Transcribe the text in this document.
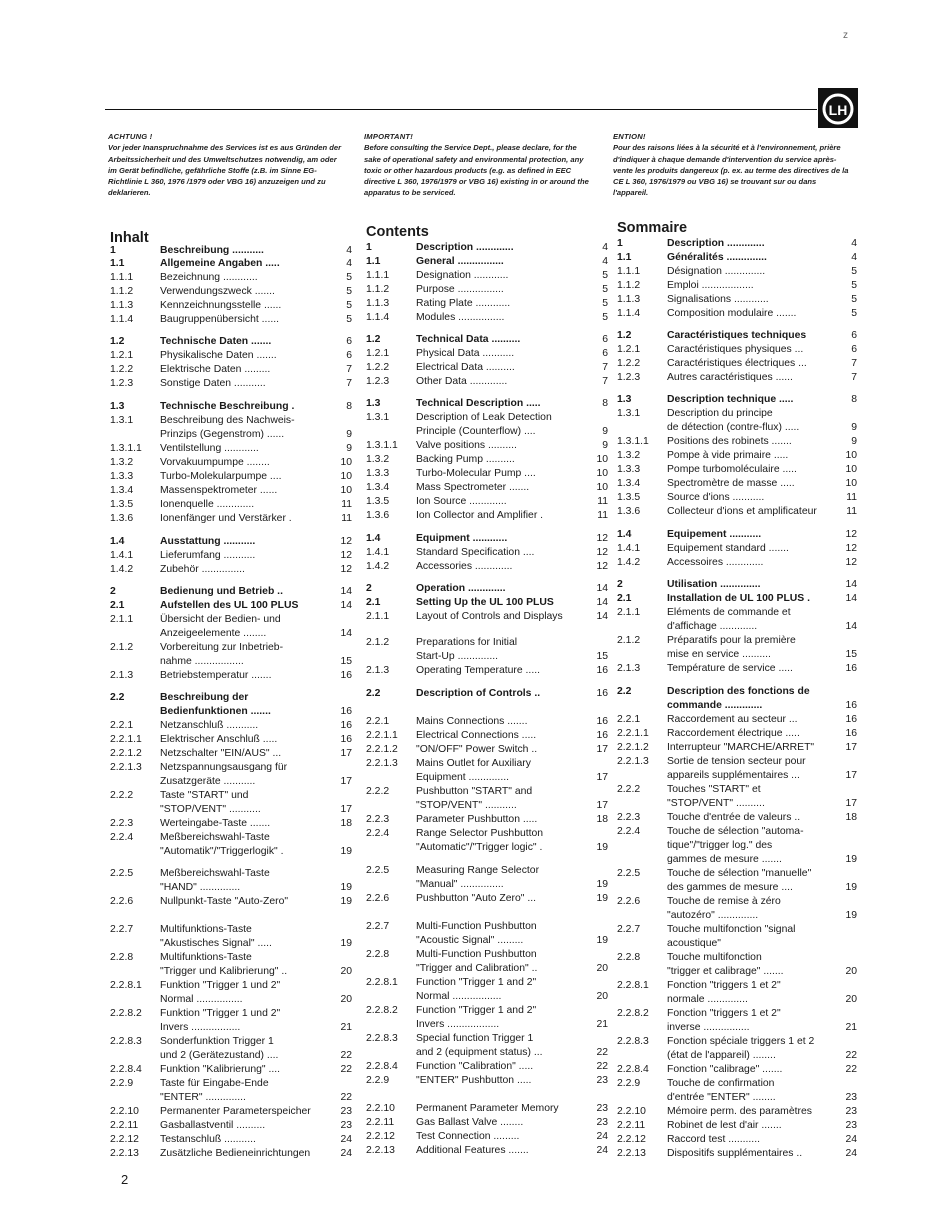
z
LH
ACHTUNG !
Vor jeder Inanspruchnahme des Services ist es aus Gründen der Arbeitssicherheit und des Umweltschutzes notwendig, am oder im Gerät befindliche, gefährliche Stoffe (z.B. im Sinne EG-Richtlinie L 360, 1976 /1979 oder VBG 16) anzuzeigen und zu deklarieren.
IMPORTANT!
Before consulting the Service Dept., please declare, for the sake of operational safety and environmental protection, any toxic or other hazardous products (e.g. as defined in EEC directive L 360, 1976/1979 or VBG 16) existing in or around the apparatus to be serviced.
ENTION!
Pour des raisons liées à la sécurité et à l'environnement, prière d'indiquer à chaque demande d'intervention du service après-vente les produits dangereux (p. ex. au terme des directives de la CE L 360, 1976/1979 ou VBG 16) se trouvant sur ou dans l'appareil.
Inhalt
1	Beschreibung ...........	4
1.1	Allgemeine Angaben .....	4
1.1.1	Bezeichnung ............	5
1.1.2	Verwendungszweck .......	5
1.1.3	Kennzeichnungsstelle ......	5
1.1.4	Baugruppenübersicht ......	5
1.2	Technische Daten .......	6
1.2.1	Physikalische Daten .......	6
1.2.2	Elektrische Daten .........	7
1.2.3	Sonstige Daten ...........	7
1.3	Technische Beschreibung .	8
1.3.1	Beschreibung des Nachweis-
Prinzips (Gegenstrom) ......	9
1.3.1.1 Ventilstellung ............	9
1.3.2	Vorvakuumpumpe ........	10
1.3.3	Turbo-Molekularpumpe ....	10
1.3.4	Massenspektrometer ......	10
1.3.5	Ionenquelle .............	11
1.3.6	Ionenfänger und Verstärker .	11
1.4	Ausstattung ...........	12
1.4.1	Lieferumfang ...........	12
1.4.2	Zubehör ...............	12
2	Bedienung und Betrieb ..	14
2.1	Aufstellen des UL 100 PLUS	14
2.1.1	Übersicht der Bedien- und
Anzeigeelemente ........	14
2.1.2	Vorbereitung zur Inbetrieb-
nahme .................	15
2.1.3	Betriebstemperatur .......	16
2.2	Beschreibung der
Bedienfunktionen .......	16
2.2.1	Netzanschluß ...........	16
2.2.1.1 Elektrischer Anschluß .....	16
2.2.1.2 Netzschalter "EIN/AUS" ...	17
2.2.1.3 Netzspannungsausgang für
Zusatzgeräte ...........	17
2.2.2	Taste "START" und
"STOP/VENT" ...........	17
2.2.3	Werteingabe-Taste .......	18
2.2.4	Meßbereichswahl-Taste
"Automatik"/"Triggerlogik" .	19
2.2.5	Meßbereichswahl-Taste
"HAND" ..............	19
2.2.6	Nullpunkt-Taste "Auto-Zero"	19
2.2.7	Multifunktions-Taste
"Akustisches Signal" .....	19
2.2.8	Multifunktions-Taste
"Trigger und Kalibrierung" ..	20
2.2.8.1 Funktion "Trigger 1 und 2"
Normal ................	20
2.2.8.2 Funktion "Trigger 1 und 2"
Invers .................	21
2.2.8.3 Sonderfunktion Trigger 1
und 2 (Gerätezustand) ....	22
2.2.8.4 Funktion "Kalibrierung" ....	22
2.2.9	Taste für Eingabe-Ende
"ENTER" ..............	22
2.2.10 Permanenter Parameterspeicher	23
2.2.11 Gasballastventil ..........	23
2.2.12 Testanschluß ...........	24
2.2.13 Zusätzliche Bedieneinrichtungen	24
Contents
1	Description .............	4
1.1	General ................	4
1.1.1	Designation ............	5
1.1.2	Purpose ................	5
1.1.3	Rating Plate ............	5
1.1.4	Modules ................	5
1.2	Technical Data ..........	6
1.2.1	Physical Data ...........	6
1.2.2	Electrical Data ..........	7
1.2.3	Other Data .............	7
1.3	Technical Description .....	8
1.3.1	Description of Leak Detection
Principle (Counterflow) ....	9
1.3.1.1 Valve positions ..........	9
1.3.2	Backing Pump ..........	10
1.3.3	Turbo-Molecular Pump ....	10
1.3.4	Mass Spectrometer .......	10
1.3.5	Ion Source .............	11
1.3.6	Ion Collector and Amplifier .	11
1.4	Equipment ............	12
1.4.1	Standard Specification ....	12
1.4.2	Accessories .............	12
2	Operation .............	14
2.1	Setting Up the UL 100 PLUS	14
2.1.1	Layout of Controls and Displays	14
2.1.2	Preparations for Initial
Start-Up ..............	15
2.1.3	Operating Temperature .....	16
2.2	Description of Controls ..	16
2.2.1	Mains Connections .......	16
2.2.1.1 Electrical Connections .....	16
2.2.1.2 "ON/OFF" Power Switch ..	17
2.2.1.3 Mains Outlet for Auxiliary
Equipment ..............	17
2.2.2	Pushbutton "START" and
"STOP/VENT" ...........	17
2.2.3	Parameter Pushbutton .....	18
2.2.4	Range Selector Pushbutton
"Automatic"/"Trigger logic" .	19
2.2.5	Measuring Range Selector
"Manual" ...............	19
2.2.6	Pushbutton "Auto Zero" ...	19
2.2.7	Multi-Function Pushbutton
"Acoustic Signal" .........	19
2.2.8	Multi-Function Pushbutton
"Trigger and Calibration" ..	20
2.2.8.1 Function "Trigger 1 and 2"
Normal .................	20
2.2.8.2 Function "Trigger 1 and 2"
Invers ..................	21
2.2.8.3 Special function Trigger 1
and 2 (equipment status) ...	22
2.2.8.4 Function "Calibration" .....	22
2.2.9	"ENTER" Pushbutton .....	23
2.2.10 Permanent Parameter Memory	23
2.2.11 Gas Ballast Valve ........	23
2.2.12 Test Connection .........	24
2.2.13 Additional Features .......	24
Sommaire
1	Description .............	4
1.1	Généralités ..............	4
1.1.1	Désignation ..............	5
1.1.2	Emploi ..................	5
1.1.3	Signalisations ............	5
1.1.4	Composition modulaire .......	5
1.2	Caractéristiques techniques	6
1.2.1	Caractéristiques physiques ...	6
1.2.2	Caractéristiques électriques ...	7
1.2.3	Autres caractéristiques ......	7
1.3	Description technique .....	8
1.3.1	Description du principe
de détection (contre-flux) .....	9
1.3.1.1 Positions des robinets .......	9
1.3.2	Pompe à vide primaire .....	10
1.3.3	Pompe turbomoléculaire .....	10
1.3.4	Spectromètre de masse .....	10
1.3.5	Source d'ions ...........	11
1.3.6	Collecteur d'ions et amplificateur	11
1.4	Equipement ...........	12
1.4.1	Equipement standard .......	12
1.4.2	Accessoires .............	12
2	Utilisation ..............	14
2.1	Installation de UL 100 PLUS .	14
2.1.1	Eléments de commande et
d'affichage .............	14
2.1.2	Préparatifs pour la première
mise en service ..........	15
2.1.3	Température de service .....	16
2.2	Description des fonctions de
commande .............	16
2.2.1	Raccordement au secteur ...	16
2.2.1.1 Raccordement électrique .....	16
2.2.1.2 Interrupteur "MARCHE/ARRET"	17
2.2.1.3 Sortie de tension secteur pour
appareils supplémentaires ...	17
2.2.2	Touches "START" et
"STOP/VENT" ..........	17
2.2.3	Touche d'entrée de valeurs ..	18
2.2.4	Touche de sélection "automa-
tique"/"trigger log." des
gammes de mesure .......	19
2.2.5	Touche de sélection "manuelle"
des gammes de mesure ....	19
2.2.6	Touche de remise à zéro
"autozéro" ..............	19
2.2.7	Touche multifonction "signal
acoustique"
2.2.8	Touche multifonction
"trigger et calibrage" .......	20
2.2.8.1 Fonction "triggers 1 et 2"
normale ..............	20
2.2.8.2 Fonction "triggers 1 et 2"
inverse ................	21
2.2.8.3 Fonction spéciale triggers 1 et 2
(état de l'appareil) ........	22
2.2.8.4 Fonction "calibrage" .......	22
2.2.9	Touche de confirmation
d'entrée "ENTER" ........	23
2.2.10 Mémoire perm. des paramètres	23
2.2.11 Robinet de lest d'air .......	23
2.2.12 Raccord test ...........	24
2.2.13 Dispositifs supplémentaires ..	24
2
